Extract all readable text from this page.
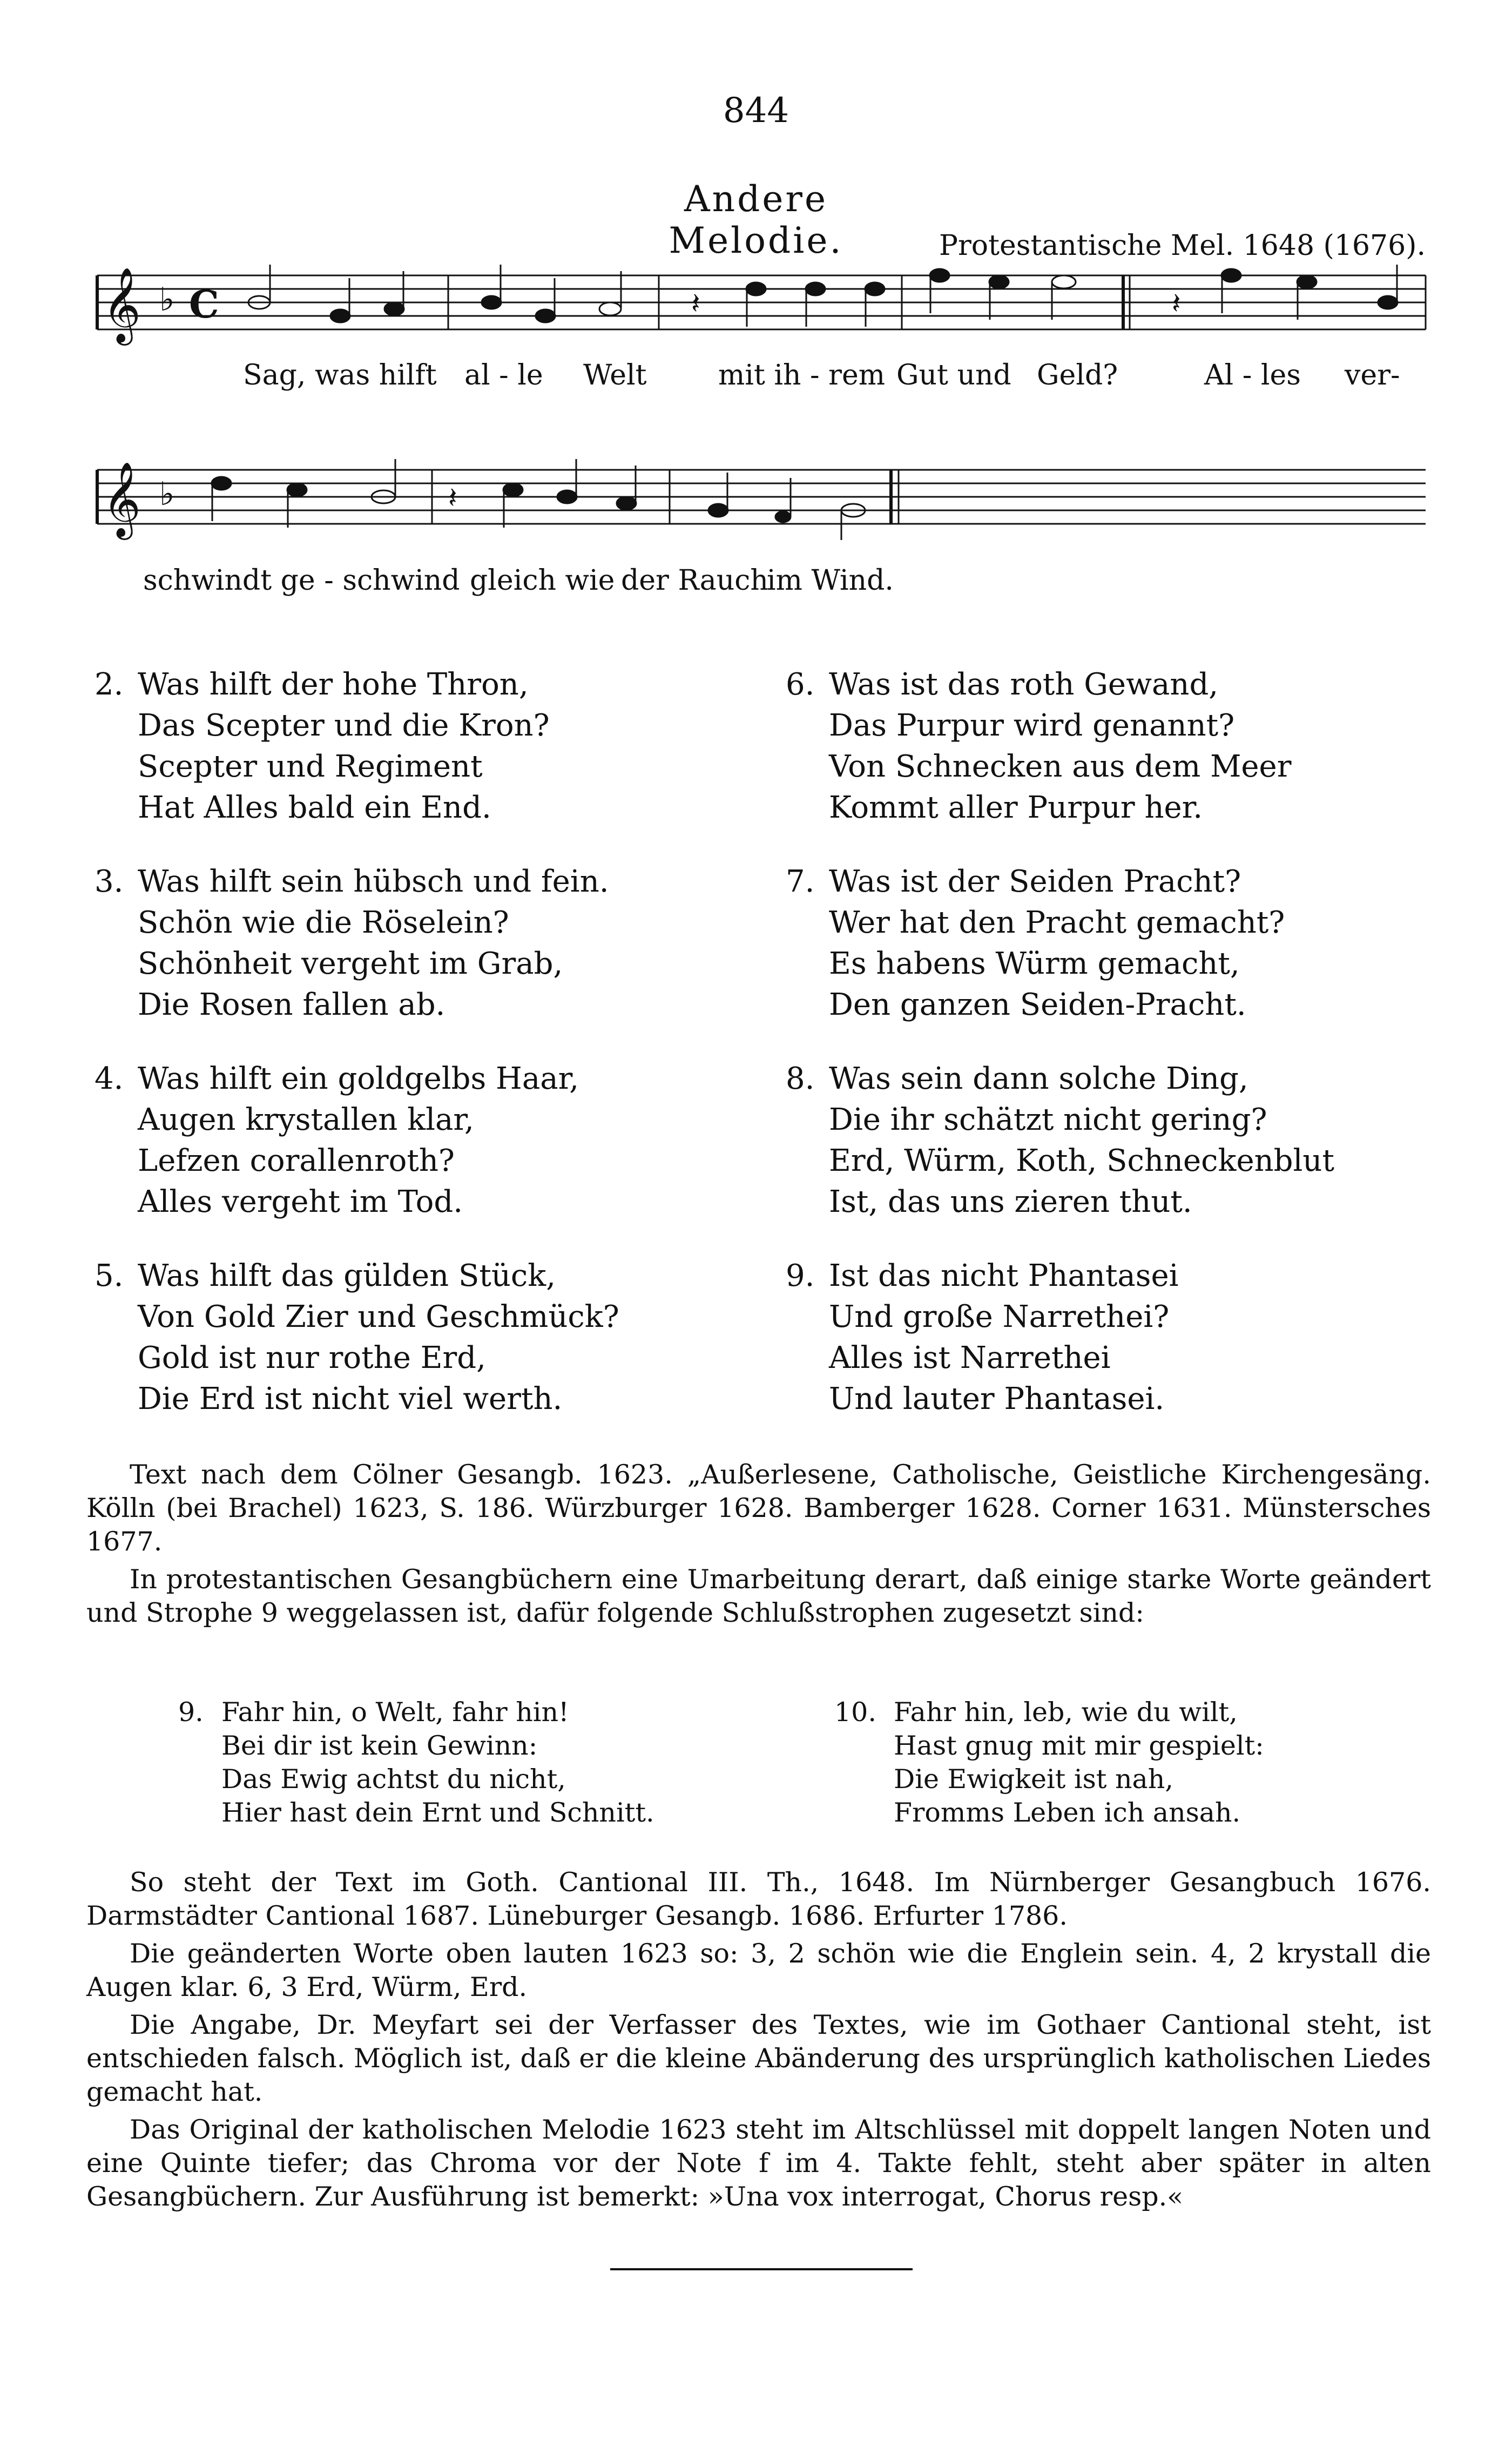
844
Andere Melodie.	Protestantische Mel. 1648 (1676).
𝄞 ♭ C	𝄽	𝄽
Sag, was hilft al - le Welt	mit ih - rem Gut und Geld?	Al - les ver-
𝄞 ♭	𝄽
schwindt ge - schwind gleich wie der Rauch
im Wind.
2. Was hilft der hohe Thron,
Das Scepter und die Kron?
Scepter und Regiment
Hat Alles bald ein End.
3. Was hilft sein hübsch und fein.
Schön wie die Röselein?
Schönheit vergeht im Grab,
Die Rosen fallen ab.
4. Was hilft ein goldgelbs Haar,
Augen krystallen klar,
Lefzen corallenroth?
Alles vergeht im Tod.
5. Was hilft das gülden Stück,
Von Gold Zier und Geschmück?
Gold ist nur rothe Erd,
Die Erd ist nicht viel werth.
6. Was ist das roth Gewand,
Das Purpur wird genannt?
Von Schnecken aus dem Meer
Kommt aller Purpur her.
7. Was ist der Seiden Pracht?
Wer hat den Pracht gemacht?
Es habens Würm gemacht,
Den ganzen Seiden-Pracht.
8. Was sein dann solche Ding,
Die ihr schätzt nicht gering?
Erd, Würm, Koth, Schneckenblut
Ist, das uns zieren thut.
9. Ist das nicht Phantasei
Und große Narrethei?
Alles ist Narrethei
Und lauter Phantasei.

Text nach dem Cölner Gesangb. 1623. „Außerlesene, Catholische, Geistliche Kirchengesäng. Kölln (bei Brachel) 1623, S. 186. Würzburger 1628. Bamberger 1628. Corner 1631. Münstersches 1677.

In protestantischen Gesangbüchern eine Umarbeitung derart, daß einige starke Worte geändert und Strophe 9 weggelassen ist, dafür folgende Schlußstrophen zugesetzt sind:

9. Fahr hin, o Welt, fahr hin!
Bei dir ist kein Gewinn:
Das Ewig achtst du nicht,
Hier hast dein Ernt und Schnitt.
10. Fahr hin, leb, wie du wilt,
Hast gnug mit mir gespielt:
Die Ewigkeit ist nah,
Fromms Leben ich ansah.

So steht der Text im Goth. Cantional III. Th., 1648. Im Nürnberger Gesangbuch 1676. Darmstädter Cantional 1687. Lüneburger Gesangb. 1686. Erfurter 1786.

Die geänderten Worte oben lauten 1623 so: 3, 2 schön wie die Englein sein. 4, 2 krystall die Augen klar. 6, 3 Erd, Würm, Erd.

Die Angabe, Dr. Meyfart sei der Verfasser des Textes, wie im Gothaer Cantional steht, ist entschieden falsch. Möglich ist, daß er die kleine Abänderung des ursprünglich katholischen Liedes gemacht hat.

Das Original der katholischen Melodie 1623 steht im Altschlüssel mit doppelt langen Noten und eine Quinte tiefer; das Chroma vor der Note f im 4. Takte fehlt, steht aber später in alten Gesangbüchern. Zur Ausführung ist bemerkt: »Una vox interrogat, Chorus resp.«
